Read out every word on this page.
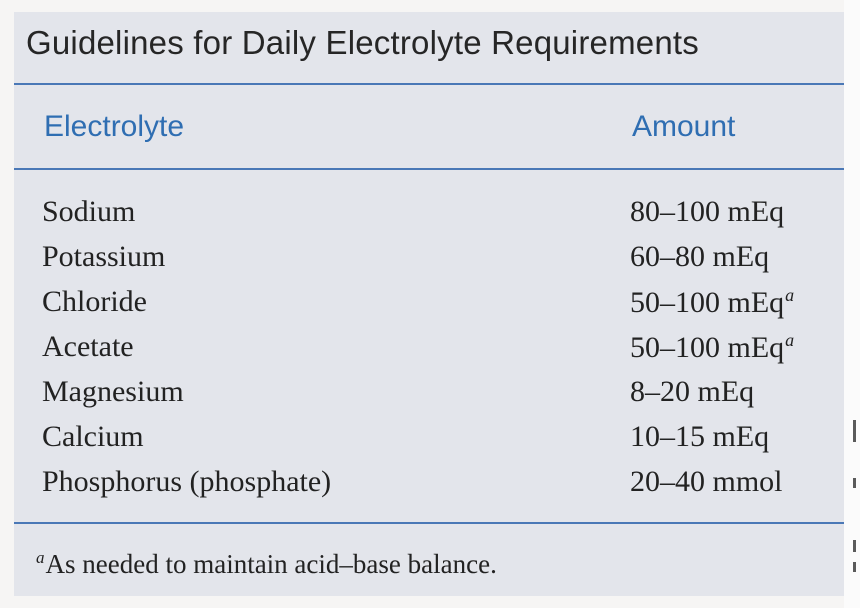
Guidelines for Daily Electrolyte Requirements
Electrolyte	Amount
Sodium	80–100 mEq
Potassium	60–80 mEq
Chloride	50–100 mEq$^a$
Acetate	50–100 mEq$^a$
Magnesium	8–20 mEq
Calcium	10–15 mEq
Phosphorus (phosphate)	20–40 mmol
$^a$As needed to maintain acid–base balance.
